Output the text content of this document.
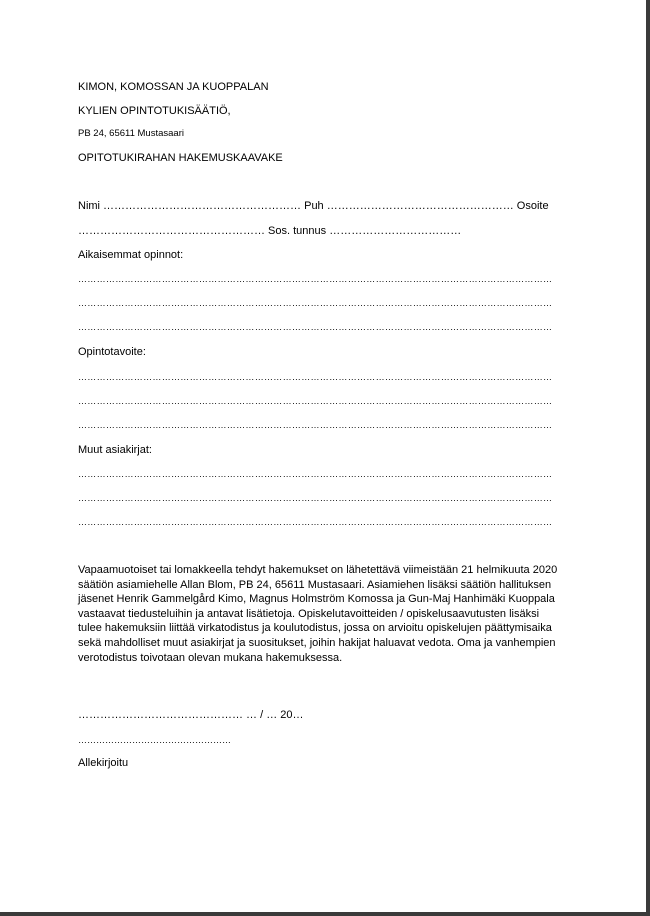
KIMON, KOMOSSAN JA KUOPPALAN
KYLIEN OPINTOTUKISÄÄTIÖ,
PB 24, 65611 Mustasaari
OPITOTUKIRAHAN HAKEMUSKAAVAKE
Nimi ……………………………………………… Puh …………………………………………… Osoite
…………………………………………… Sos. tunnus ………………………………
Aikaisemmat opinnot:
………………………………………………………………………………………………………………………………………
………………………………………………………………………………………………………………………………………
………………………………………………………………………………………………………………………………………
Opintotavoite:
………………………………………………………………………………………………………………………………………
………………………………………………………………………………………………………………………………………
………………………………………………………………………………………………………………………………………
Muut asiakirjat:
………………………………………………………………………………………………………………………………………
………………………………………………………………………………………………………………………………………
………………………………………………………………………………………………………………………………………
Vapaamuotoiset tai lomakkeella tehdyt hakemukset on lähetettävä viimeistään 21 helmikuuta 2020
säätiön asiamiehelle Allan Blom, PB 24, 65611 Mustasaari. Asiamiehen lisäksi säätiön hallituksen
jäsenet Henrik Gammelgård Kimo, Magnus Holmström Komossa ja Gun-Maj Hanhimäki Kuoppala
vastaavat tiedusteluihin ja antavat lisätietoja. Opiskelutavoitteiden / opiskelusaavutusten lisäksi
tulee hakemuksiin liittää virkatodistus ja koulutodistus, jossa on arvioitu opiskelujen päättymisaika
sekä mahdolliset muut asiakirjat ja suositukset, joihin hakijat haluavat vedota. Oma ja vanhempien
verotodistus toivotaan olevan mukana hakemuksessa.
……………………………………… … / … 20…
……………………………………………
Allekirjoitu
